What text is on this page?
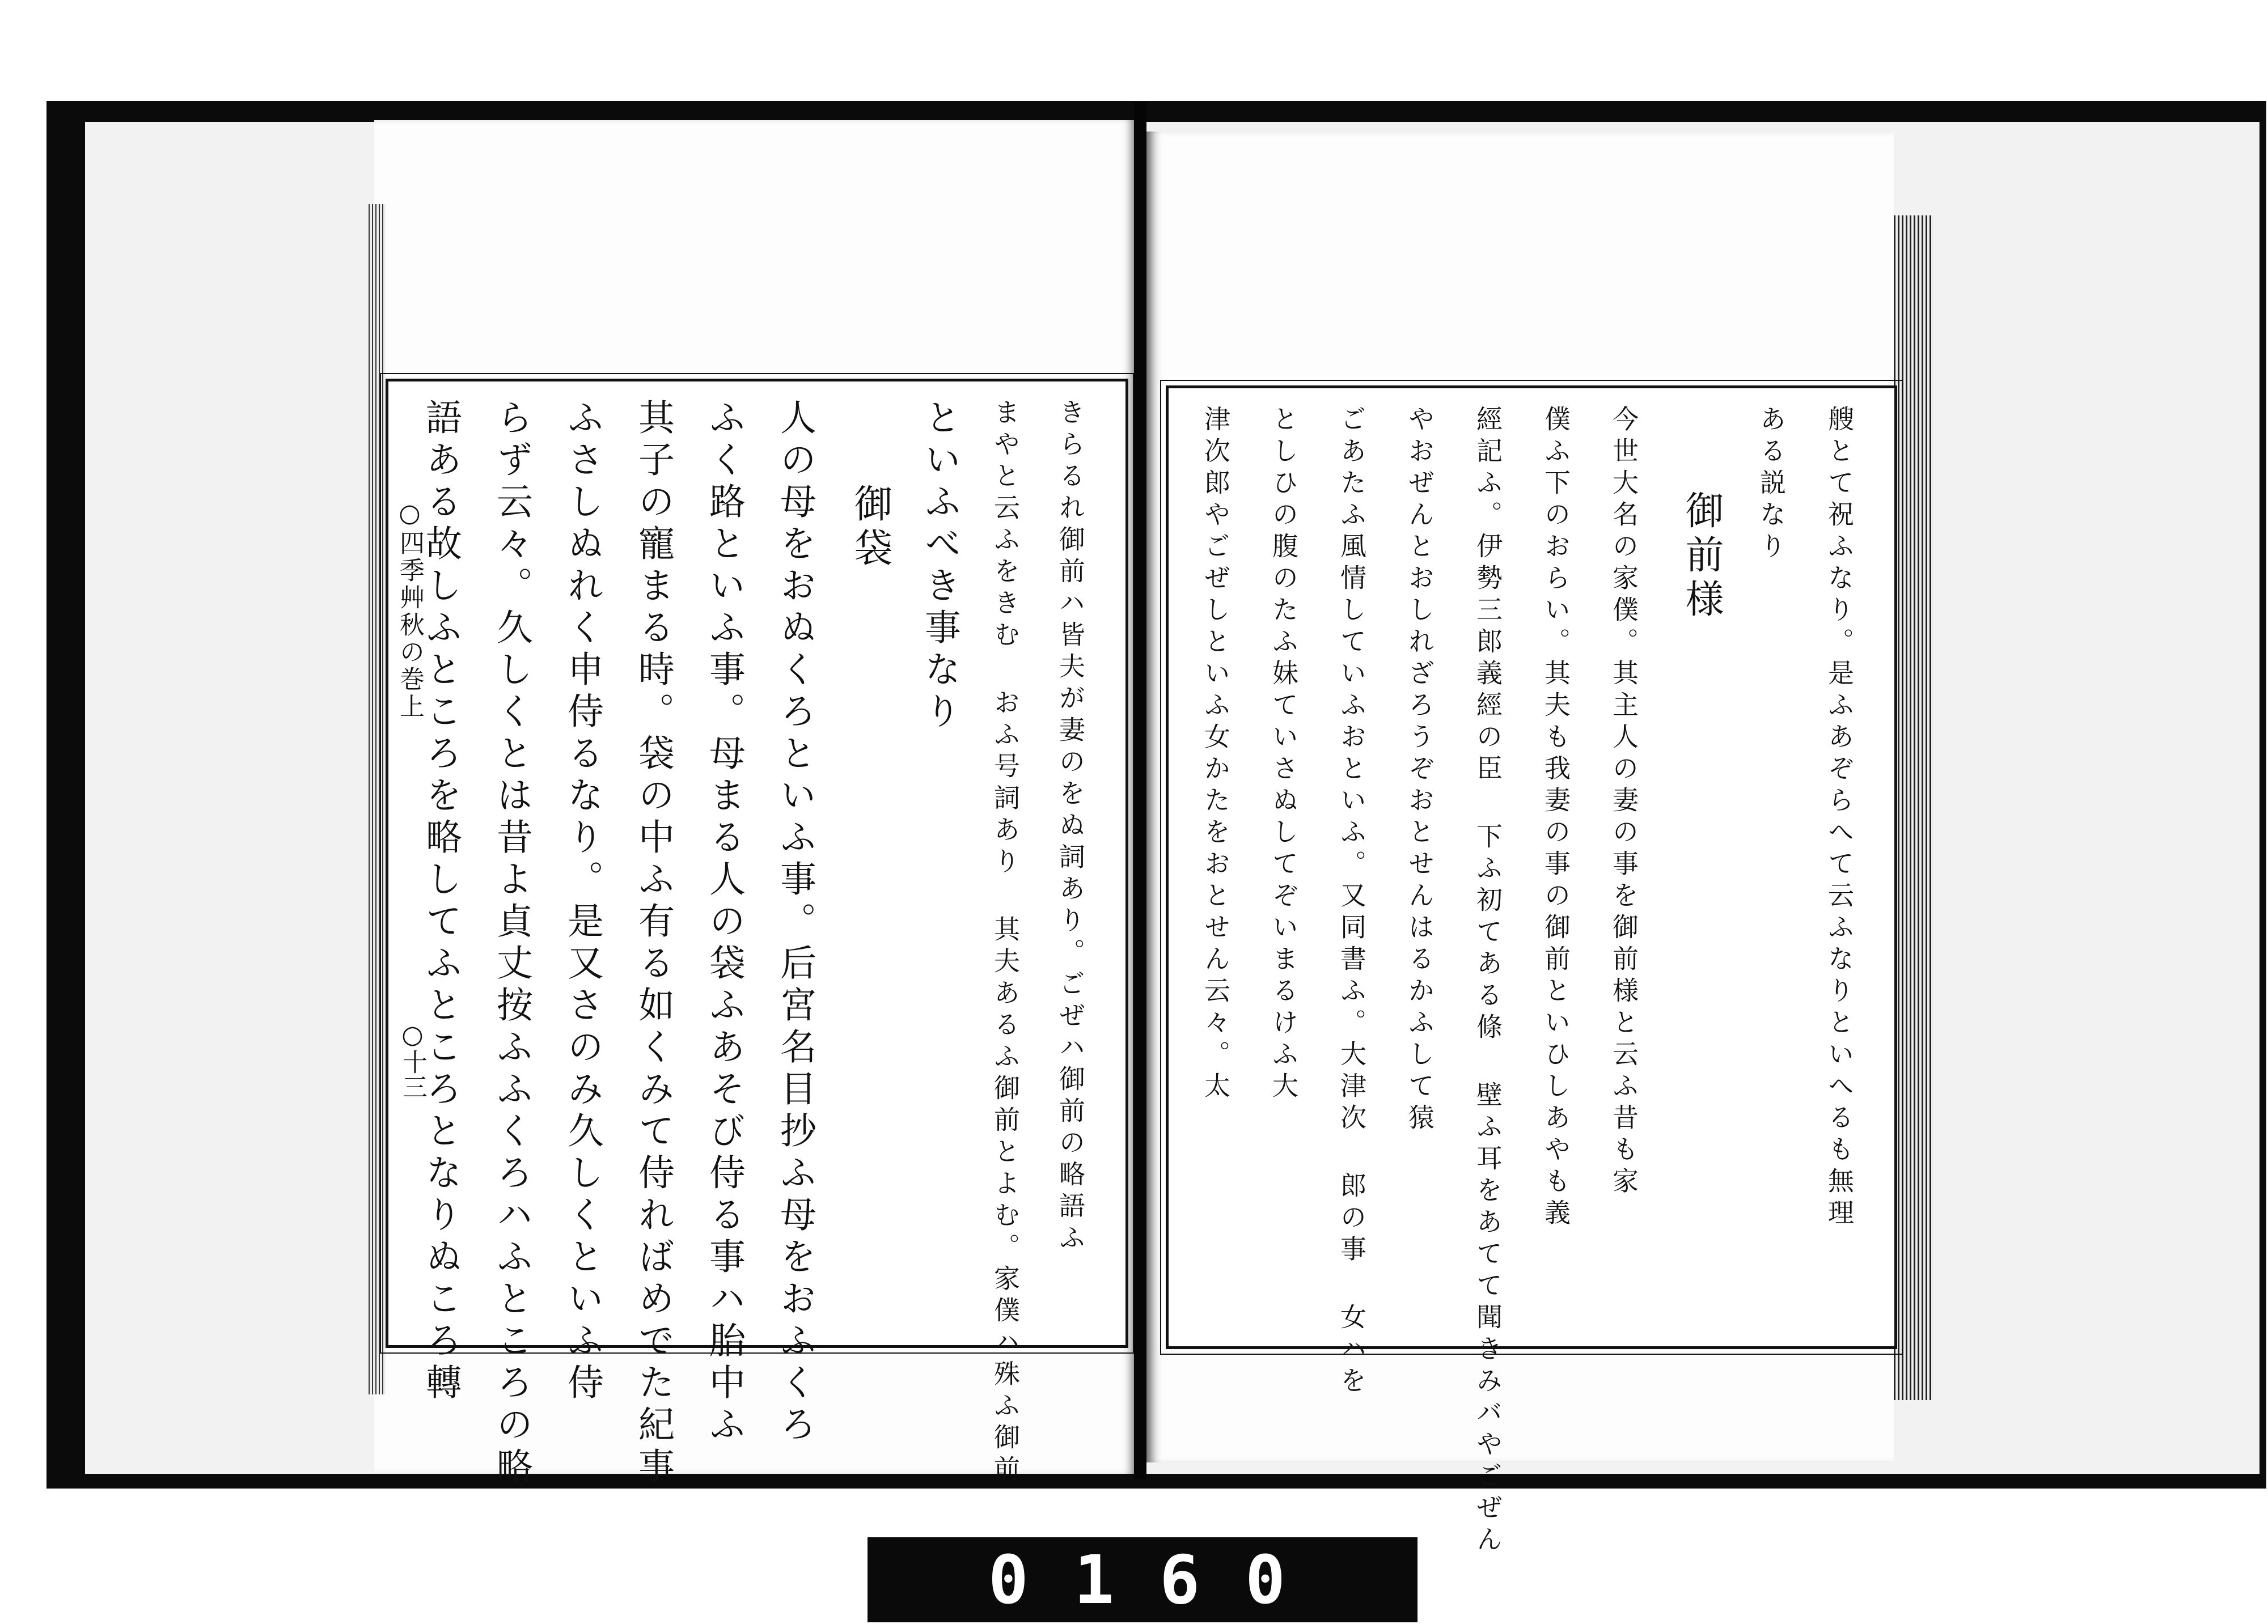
語ある故しふところを略してふところとなりぬころ轉 らず云々。久しくとは昔よ貞丈按ふふくろハふところの略 ふさしぬれく申侍るなり。是又さのみ久しくといふ侍 其子の寵まる時。袋の中ふ有る如くみて侍ればめでた紀事 ふく路といふ事。母まる人の袋ふあそび侍る事ハ胎中ふ 人の母をおぬくろといふ事。后宮名目抄ふ母をおふくろ 御袋 といふべき事なり まやと云ふをきむ おふ号詞あり 其夫あるふ御前とよむ。家僕ハ殊ふ御前 きらるれ御前ハ皆夫が妻のをぬ詞あり。ごぜハ御前の略語ふ
○四季艸秋の巻上
○十三	津次郎やごぜしといふ女かたをおとせん云々。太 としひの腹のたふ妹ていさぬしてぞいまるけふ大 ごあたふ風情していふおといふ。又同書ふ。大津次 郎の事 女ハを やおぜんとおしれざろうぞおとせんはるかふして猿 經記ふ。伊勢三郎義經の臣 下ふ初てある條 壁ふ耳をあてて聞きみバやごぜん 僕ふ下のおらい。其夫も我妻の事の御前といひしあやも義 今世大名の家僕。其主人の妻の事を御前様と云ふ昔も家 御前様 ある説なり 艘とて祝ふなり。是ふあぞらへて云ふなりといへるも無理
0160
